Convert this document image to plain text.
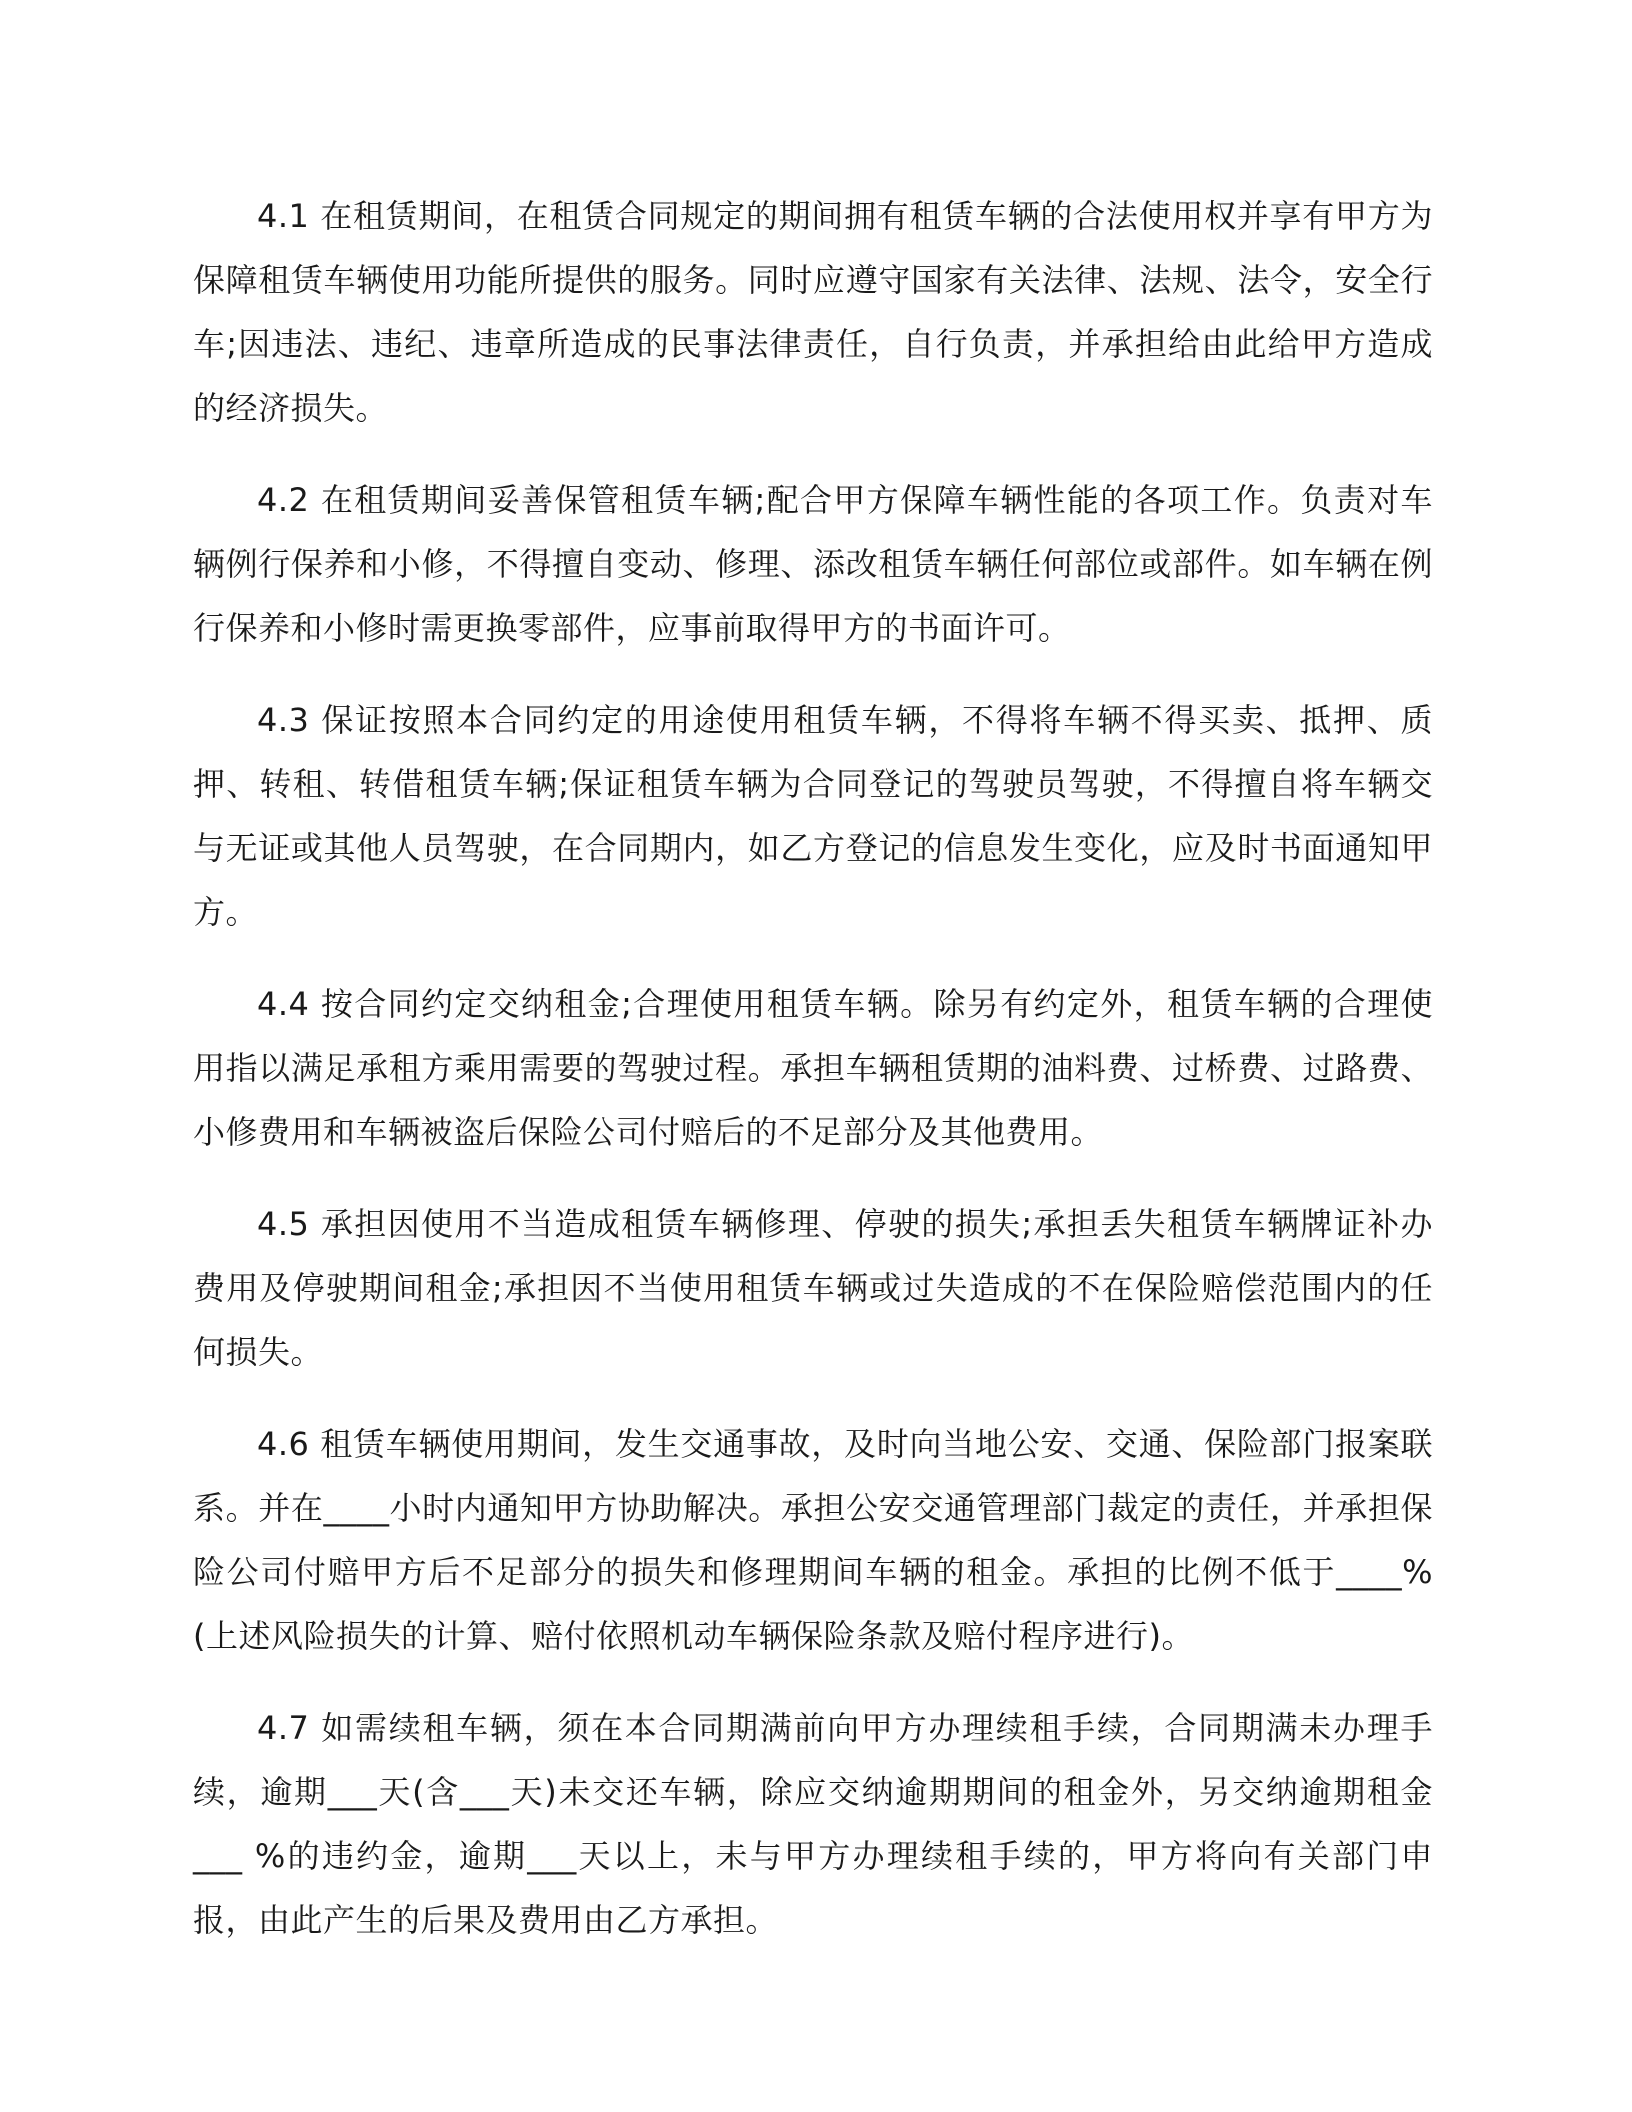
4.1 在租赁期间，在租赁合同规定的期间拥有租赁车辆的合法使用权并享有甲方为保障租赁车辆使用功能所提供的服务。同时应遵守国家有关法律、法规、法令，安全行车;因违法、违纪、违章所造成的民事法律责任，自行负责，并承担给由此给甲方造成的经济损失。

4.2 在租赁期间妥善保管租赁车辆;配合甲方保障车辆性能的各项工作。负责对车辆例行保养和小修，不得擅自变动、修理、添改租赁车辆任何部位或部件。如车辆在例行保养和小修时需更换零部件，应事前取得甲方的书面许可。

4.3 保证按照本合同约定的用途使用租赁车辆，不得将车辆不得买卖、抵押、质押、转租、转借租赁车辆;保证租赁车辆为合同登记的驾驶员驾驶，不得擅自将车辆交与无证或其他人员驾驶，在合同期内，如乙方登记的信息发生变化，应及时书面通知甲方。

4.4 按合同约定交纳租金;合理使用租赁车辆。除另有约定外，租赁车辆的合理使用指以满足承租方乘用需要的驾驶过程。承担车辆租赁期的油料费、过桥费、过路费、小修费用和车辆被盗后保险公司付赔后的不足部分及其他费用。

4.5 承担因使用不当造成租赁车辆修理、停驶的损失;承担丢失租赁车辆牌证补办费用及停驶期间租金;承担因不当使用租赁车辆或过失造成的不在保险赔偿范围内的任何损失。

4.6 租赁车辆使用期间，发生交通事故，及时向当地公安、交通、保险部门报案联系。并在____小时内通知甲方协助解决。承担公安交通管理部门裁定的责任，并承担保险公司付赔甲方后不足部分的损失和修理期间车辆的租金。承担的比例不低于____%(上述风险损失的计算、赔付依照机动车辆保险条款及赔付程序进行)。

4.7 如需续租车辆，须在本合同期满前向甲方办理续租手续，合同期满未办理手续，逾期___天(含___天)未交还车辆，除应交纳逾期期间的租金外，另交纳逾期租金___ %的违约金，逾期___天以上，未与甲方办理续租手续的，甲方将向有关部门申报，由此产生的后果及费用由乙方承担。
